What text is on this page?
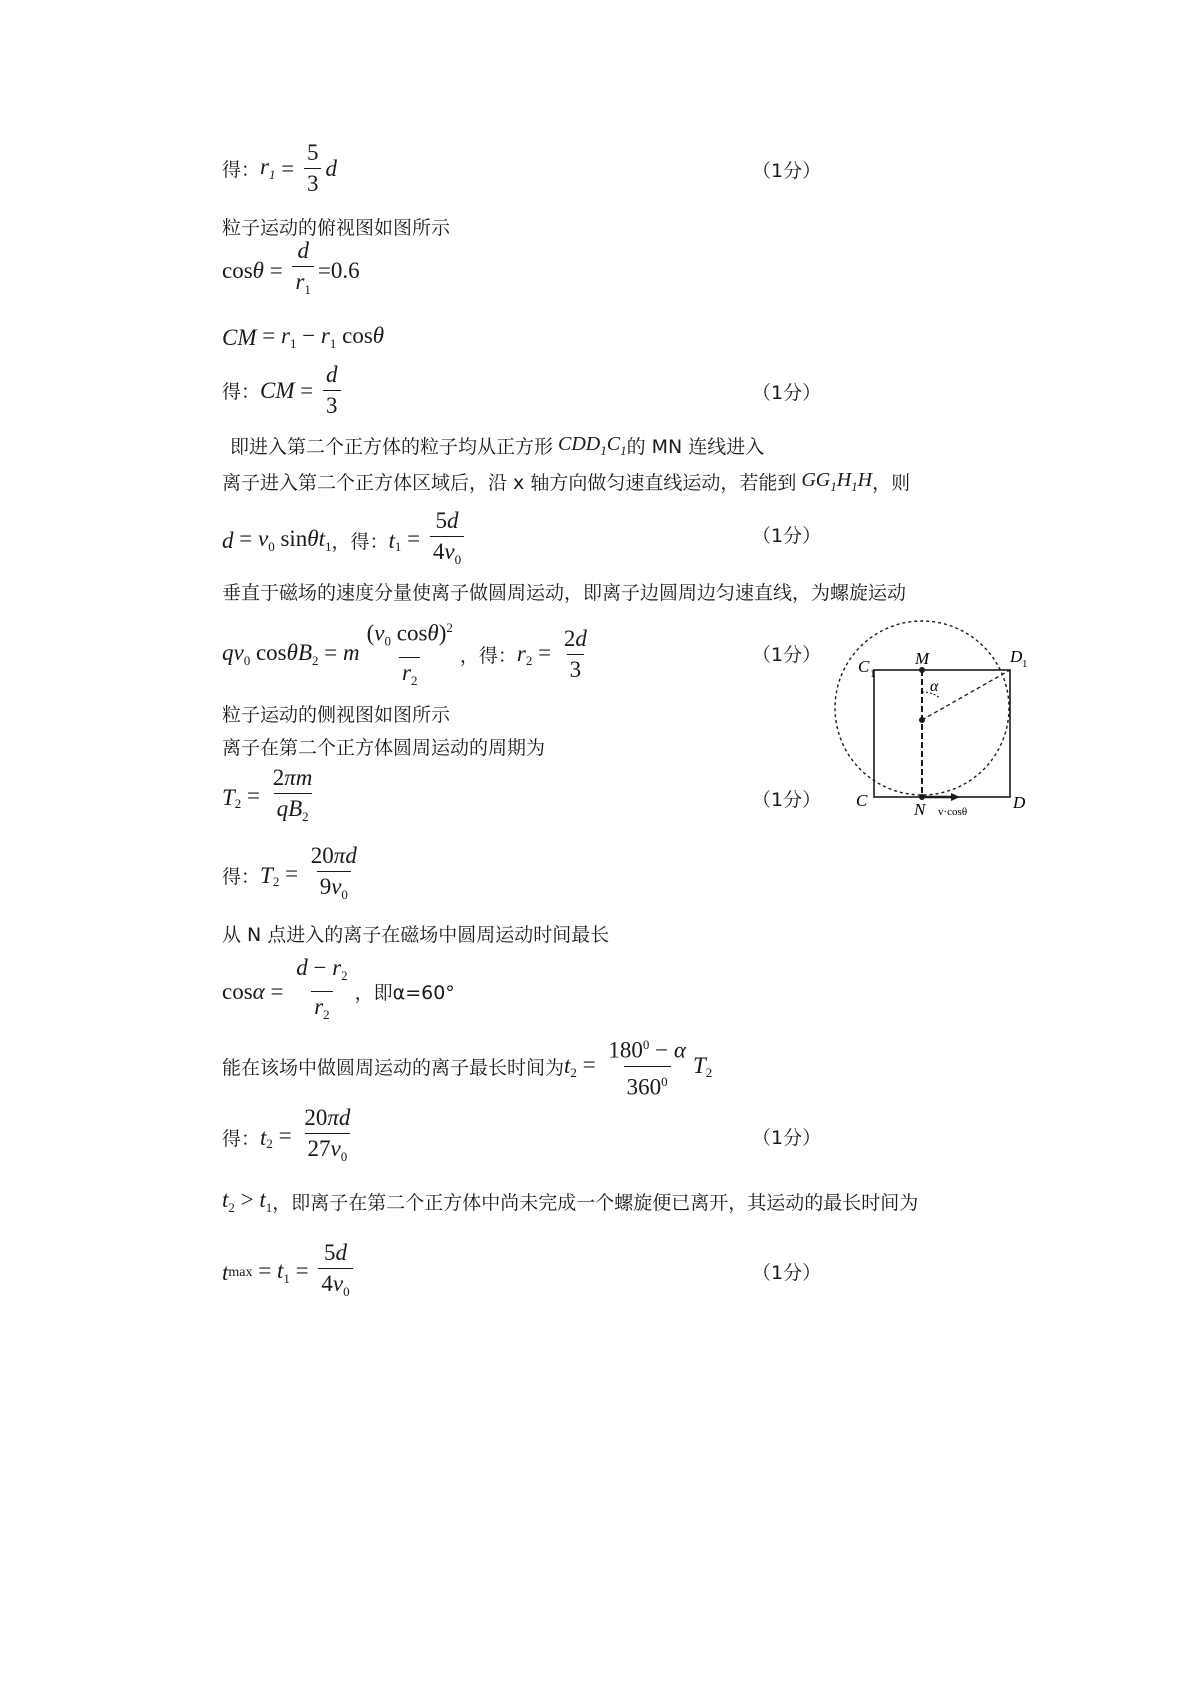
得： $r_1 = \frac{5}{3}$ d	（1分）
粒子运动的俯视图如图所示
$\cos \theta = \frac{d}{r_1} =0.6$
CM = $r_1 - r_1$ cosθ
得： CM = $\frac{d}{3}$	（1分）
即进入第二个正方体的粒子均从正方形 $CDD_1C_1$ 的 MN 连线进入
离子进入第二个正方体区域后，沿 x 轴方向做匀速直线运动，若能到 $GG_1H_1H$ ，则
$d = v_0$ sinθt$_1$ ，得： t $_1 = \frac{5d}{4v_0}$	（1分）
垂直于磁场的速度分量使离子做圆周运动，即离子边圆周边匀速直线，为螺旋运动
$qv_0$ cosθB$_2$ = m $\frac{(v_0 \cos\theta)^2}{r_2}$ ，得： r $_2 = \frac{2d}{3}$	（1分）
粒子运动的侧视图如图所示
离子在第二个正方体圆周运动的周期为
T $_2 = \frac{2\pi m}{qB_2}$	（1分）
得： T $_2 = \frac{20\pi d}{9v_0}$
从 N 点进入的离子在磁场中圆周运动时间最长
$\cos\alpha = \frac{d - r_2}{r_2}$ ，即α=60°
能在该场中做圆周运动的离子最长时间为 t $_2 = \frac{180^0 - \alpha}{360^0}$ T $_2$
得： t $_2 = \frac{20\pi d}{27v_0}$	（1分）
$t_2 > t_1$ ，即离子在第二个正方体中尚未完成一个螺旋便已离开，其运动的最长时间为
t $\max = t_1 = \frac{5d}{4v_0}$	（1分）
C 1
M	D 1
α
C	N	D
v·cosθ
